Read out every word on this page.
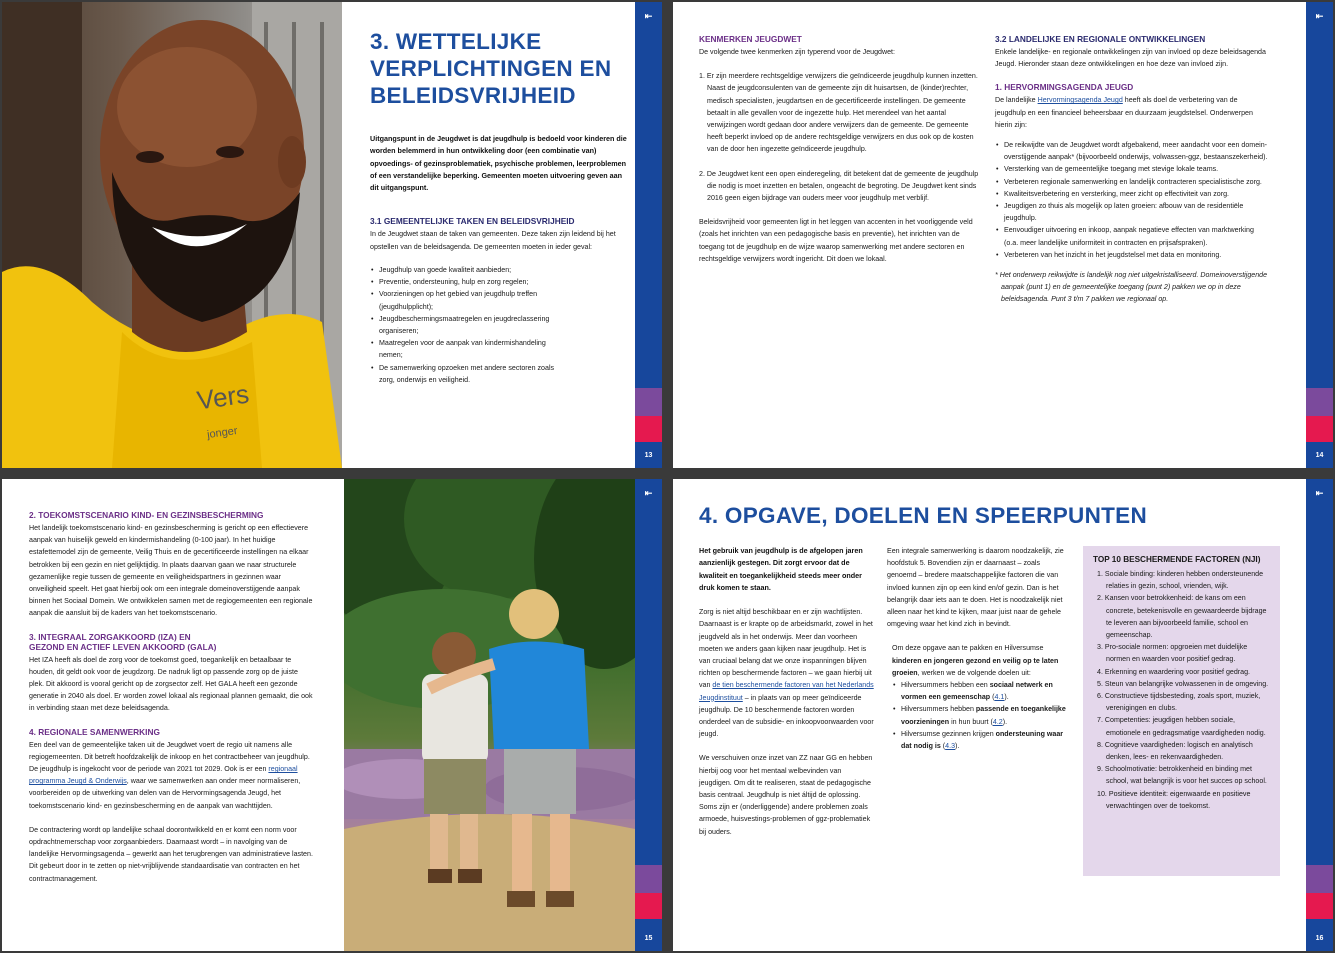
Vers
jonger
3. WETTELIJKE
VERPLICHTINGEN EN
BELEIDSVRIJHEID

Uitgangspunt in de Jeugdwet is dat jeugdhulp is bedoeld voor kinderen die worden belemmerd in hun ontwikkeling door (een combinatie van) opvoedings- of gezinsproblematiek, psychische problemen, leerproblemen of een verstandelijke beperking. Gemeenten moeten uitvoering geven aan dit uitgangspunt.

3.1 GEMEENTELIJKE TAKEN EN BELEIDSVRIJHEID

In de Jeugdwet staan de taken van gemeenten. Deze taken zijn leidend bij het opstellen van de beleidsagenda. De gemeenten moeten in ieder geval:

• Jeugdhulp van goede kwaliteit aanbieden;
• Preventie, ondersteuning, hulp en zorg regelen;
• Voorzieningen op het gebied van jeugdhulp treffen (jeugdhulpplicht);
• Jeugdbeschermingsmaatregelen en jeugdreclassering organiseren;
• Maatregelen voor de aanpak van kindermishandeling nemen;
• De samenwerking opzoeken met andere sectoren zoals zorg, onderwijs en veiligheid.
⇤
13
KENMERKEN JEUGDWET

De volgende twee kenmerken zijn typerend voor de Jeugdwet:

1. Er zijn meerdere rechtsgeldige verwijzers die geïndiceerde jeugdhulp kunnen inzetten. Naast de jeugdconsulenten van de gemeente zijn dit huisartsen, de (kinder)rechter, medisch specialisten, jeugdartsen en de gecertificeerde instellingen. De gemeente betaalt in alle gevallen voor de ingezette hulp. Het merendeel van het aantal verwijzingen wordt gedaan door andere verwijzers dan de gemeente. De gemeente heeft beperkt invloed op de andere rechtsgeldige verwijzers en dus ook op de kosten van de door hen ingezette geïndiceerde jeugdhulp.

2. De Jeugdwet kent een open einderegeling, dit betekent dat de gemeente de jeugdhulp die nodig is moet inzetten en betalen, ongeacht de begroting. De Jeugdwet kent sinds 2016 geen eigen bijdrage van ouders meer voor jeugdhulp met verblijf.

Beleidsvrijheid voor gemeenten ligt in het leggen van accenten in het voorliggende veld (zoals het inrichten van een pedagogische basis en preventie), het inrichten van de toegang tot de jeugdhulp en de wijze waarop samenwerking met andere sectoren en rechtsgeldige verwijzers wordt ingericht. Dit doen we lokaal.

3.2 LANDELIJKE EN REGIONALE ONTWIKKELINGEN

Enkele landelijke- en regionale ontwikkelingen zijn van invloed op deze beleidsagenda Jeugd. Hieronder staan deze ontwikkelingen en hoe deze van invloed zijn.

1. HERVORMINGSAGENDA JEUGD

De landelijke Hervormingsagenda Jeugd heeft als doel de verbetering van de jeugdhulp en een financieel beheersbaar en duurzaam jeugdstelsel. Onderwerpen hierin zijn:

• De reikwijdte van de Jeugdwet wordt afgebakend, meer aandacht voor een domein-overstijgende aanpak* (bijvoorbeeld onderwijs, volwassen-ggz, bestaanszekerheid).
• Versterking van de gemeentelijke toegang met stevige lokale teams.
• Verbeteren regionale samenwerking en landelijk contracteren specialistische zorg.
• Kwaliteitsverbetering en versterking, meer zicht op effectiviteit van zorg.
• Jeugdigen zo thuis als mogelijk op laten groeien: afbouw van de residentiële jeugdhulp.
• Eenvoudiger uitvoering en inkoop, aanpak negatieve effecten van marktwerking (o.a. meer landelijke uniformiteit in contracten en prijsafspraken).
• Verbeteren van het inzicht in het jeugdstelsel met data en monitoring.

* Het onderwerp reikwijdte is landelijk nog niet uitgekristalliseerd. Domeinoverstijgende aanpak (punt 1) en de gemeentelijke toegang (punt 2) pakken we op in deze beleidsagenda. Punt 3 t/m 7 pakken we regionaal op.

⇤
14
2. TOEKOMSTSCENARIO KIND- EN GEZINSBESCHERMING

Het landelijk toekomstscenario kind- en gezinsbescherming is gericht op een effectievere aanpak van huiselijk geweld en kindermishandeling (0-100 jaar). In het huidige estafettemodel zijn de gemeente, Veilig Thuis en de gecertificeerde instellingen na elkaar betrokken bij een gezin en niet gelijktijdig. In plaats daarvan gaan we naar structurele gezamenlijke regie tussen de gemeente en veiligheidspartners in gezinnen waar onveiligheid speelt. Het gaat hierbij ook om een integrale domeinoverstijgende aanpak binnen het Sociaal Domein. We ontwikkelen samen met de regiogemeenten een regionale aanpak die aansluit bij de kaders van het toekomstscenario.

3. INTEGRAAL ZORGAKKOORD (IZA) EN
GEZOND EN ACTIEF LEVEN AKKOORD (GALA)

Het IZA heeft als doel de zorg voor de toekomst goed, toegankelijk en betaalbaar te houden, dit geldt ook voor de jeugdzorg. De nadruk ligt op passende zorg op de juiste plek. Dit akkoord is vooral gericht op de zorgsector zelf. Het GALA heeft een gezonde generatie in 2040 als doel. Er worden zowel lokaal als regionaal plannen gemaakt, die ook in verbinding staan met deze beleidsagenda.

4. REGIONALE SAMENWERKING

Een deel van de gemeentelijke taken uit de Jeugdwet voert de regio uit namens alle regiogemeenten. Dit betreft hoofdzakelijk de inkoop en het contractbeheer van jeugdhulp. De jeugdhulp is ingekocht voor de periode van 2021 tot 2029. Ook is er een regionaal programma Jeugd & Onderwijs, waar we samenwerken aan onder meer normaliseren, voorbereiden op de uitwerking van delen van de Hervormingsagenda Jeugd, het toekomstscenario kind- en gezinsbescherming en de aanpak van wachttijden.

De contractering wordt op landelijke schaal doorontwikkeld en er komt een norm voor opdrachtnemerschap voor zorgaanbieders. Daarnaast wordt – in navolging van de landelijke Hervormingsagenda – gewerkt aan het terugbrengen van administratieve lasten. Dit gebeurt door in te zetten op niet-vrijblijvende standaardisatie van contracten en het contractmanagement.

⇤
15
4. OPGAVE, DOELEN EN SPEERPUNTEN

Het gebruik van jeugdhulp is de afgelopen jaren aanzienlijk gestegen. Dit zorgt ervoor dat de kwaliteit en toegankelijkheid steeds meer onder druk komen te staan.

Zorg is niet altijd beschikbaar en er zijn wachtlijsten. Daarnaast is er krapte op de arbeidsmarkt, zowel in het jeugdveld als in het onderwijs. Meer dan voorheen moeten we anders gaan kijken naar jeugdhulp. Het is van cruciaal belang dat we onze inspanningen blijven richten op beschermende factoren – we gaan hierbij uit van de tien beschermende factoren van het Nederlands Jeugdinstituut – in plaats van op meer geïndiceerde jeugdhulp. De 10 beschermende factoren worden onderdeel van de subsidie- en inkoopvoorwaarden voor jeugd.

We verschuiven onze inzet van ZZ naar GG en hebben hierbij oog voor het mentaal welbevinden van jeugdigen. Om dit te realiseren, staat de pedagogische basis centraal. Jeugdhulp is niet áltijd de oplossing. Soms zijn er (onderliggende) andere problemen zoals armoede, huisvestings-problemen of ggz-problematiek bij ouders.

Een integrale samenwerking is daarom noodzakelijk, zie hoofdstuk 5. Bovendien zijn er daarnaast – zoals genoemd – bredere maatschappelijke factoren die van invloed kunnen zijn op een kind en/of gezin. Dan is het belangrijk daar iets aan te doen. Het is noodzakelijk niet alleen naar het kind te kijken, maar juist naar de gehele omgeving waar het kind zich in bevindt.

Om deze opgave aan te pakken en Hilversumse kinderen en jongeren gezond en veilig op te laten groeien, werken we de volgende doelen uit:

• Hilversummers hebben een sociaal netwerk en vormen een gemeenschap (4.1).
• Hilversummers hebben passende en toegankelijke voorzieningen in hun buurt (4.2).
• Hilversumse gezinnen krijgen ondersteuning waar dat nodig is (4.3).
TOP 10 BESCHERMENDE FACTOREN (NJI)
1. Sociale binding: kinderen hebben ondersteunende relaties in gezin, school, vrienden, wijk.
2. Kansen voor betrokkenheid: de kans om een concrete, betekenisvolle en gewaardeerde bijdrage te leveren aan bijvoorbeeld familie, school en gemeenschap.
3. Pro-sociale normen: opgroeien met duidelijke normen en waarden voor positief gedrag.
4. Erkenning en waardering voor positief gedrag.
5. Steun van belangrijke volwassenen in de omgeving.
6. Constructieve tijdsbesteding, zoals sport, muziek, verenigingen en clubs.
7. Competenties: jeugdigen hebben sociale, emotionele en gedragsmatige vaardigheden nodig.
8. Cognitieve vaardigheden: logisch en analytisch denken, lees- en rekenvaardigheden.
9. Schoolmotivatie: betrokkenheid en binding met school, wat belangrijk is voor het succes op school.
10. Positieve identiteit: eigenwaarde en positieve verwachtingen over de toekomst.
⇤
16
